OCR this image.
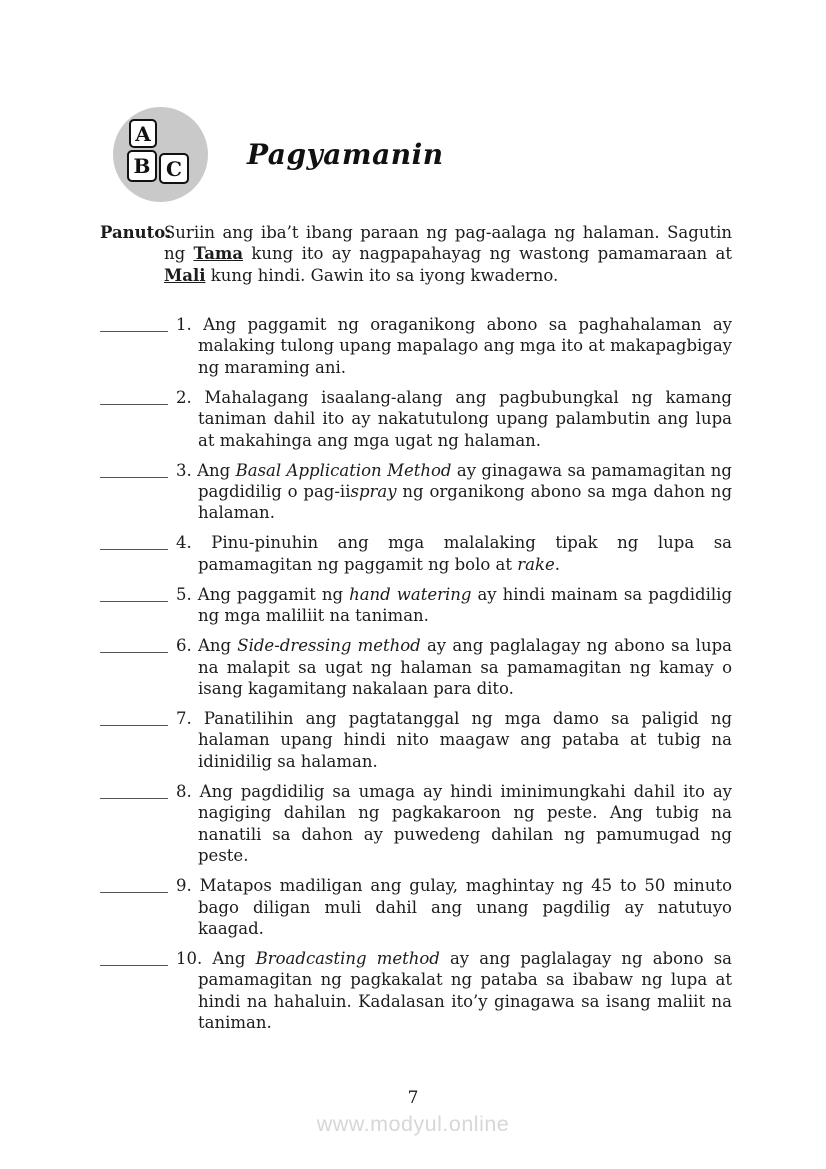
A
B C Pagyamanin
Panuto:
Suriin ang iba’t ibang paraan ng pag-aalaga ng halaman. Sagutin ng Tama kung ito ay nagpapahayag ng wastong pamamaraan at Mali kung hindi. Gawin ito sa iyong kwaderno.
1. Ang paggamit ng oraganikong abono sa paghahalaman ay malaking tulong upang mapalago ang mga ito at makapagbigay ng maraming ani.
2. Mahalagang isaalang-alang ang pagbubungkal ng kamang taniman dahil ito ay nakatutulong upang palambutin ang lupa at makahinga ang mga ugat ng halaman.
3. Ang Basal Application Method ay ginagawa sa pamamagitan ng pagdidilig o pag-iispray ng organikong abono sa mga dahon ng halaman.
4. Pinu-pinuhin ang mga malalaking tipak ng lupa sa pamamagitan ng paggamit ng bolo at rake.
5. Ang paggamit ng hand watering ay hindi mainam sa pagdidilig ng mga maliliit na taniman.
6. Ang Side-dressing method ay ang paglalagay ng abono sa lupa na malapit sa ugat ng halaman sa pamamagitan ng kamay o isang kagamitang nakalaan para dito.
7. Panatilihin ang pagtatanggal ng mga damo sa paligid ng halaman upang hindi nito maagaw ang pataba at tubig na idinidilig sa halaman.
8. Ang pagdidilig sa umaga ay hindi iminimungkahi dahil ito ay nagiging dahilan ng pagkakaroon ng peste. Ang tubig na nanatili sa dahon ay puwedeng dahilan ng pamumugad ng peste.
9. Matapos madiligan ang gulay, maghintay ng 45 to 50 minuto bago diligan muli dahil ang unang pagdilig ay natutuyo kaagad.
10. Ang Broadcasting method ay ang paglalagay ng abono sa pamamagitan ng pagkakalat ng pataba sa ibabaw ng lupa at hindi na hahaluin. Kadalasan ito’y ginagawa sa isang maliit na taniman.
7
www.modyul.online
